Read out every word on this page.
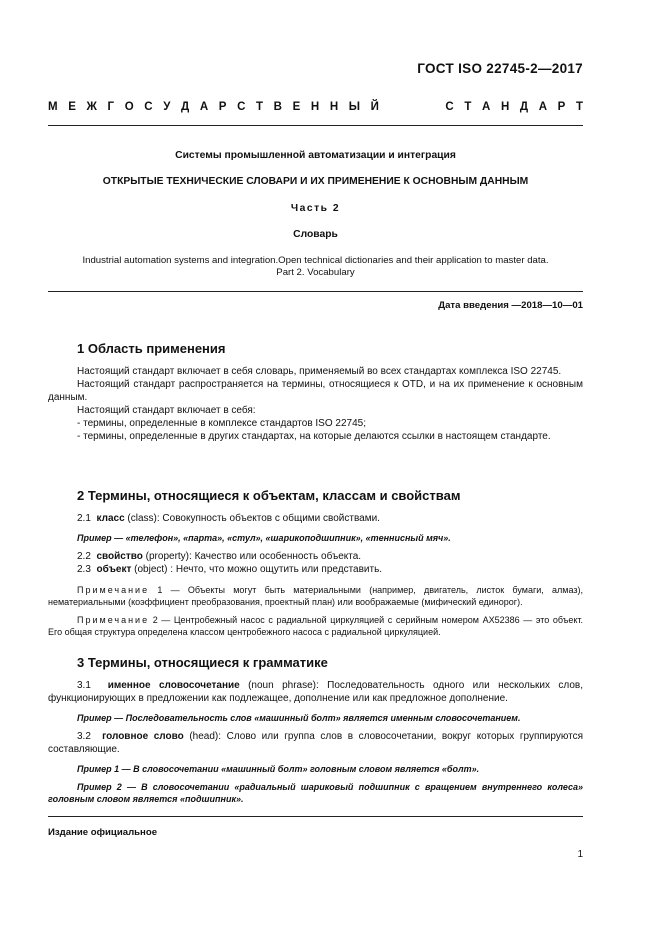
ГОСТ ISO 22745-2—2017
М Е Ж Г О С У Д А Р С Т В Е Н Н Ы Й	С Т А Н Д А Р Т
Системы промышленной автоматизации и интеграция
ОТКРЫТЫЕ ТЕХНИЧЕСКИЕ СЛОВАРИ И ИХ ПРИМЕНЕНИЕ К ОСНОВНЫМ ДАННЫМ
Часть 2
Словарь
Industrial automation systems and integration.Open technical dictionaries and their application to master data.
Part 2. Vocabulary
Дата введения —2018—10—01
1 Область применения
Настоящий стандарт включает в себя словарь, применяемый во всех стандартах комплекса ISO 22745.
Настоящий стандарт распространяется на термины, относящиеся к OTD, и на их применение к основным данным.
Настоящий стандарт включает в себя:
- термины, определенные в комплексе стандартов ISO 22745;
- термины, определенные в других стандартах, на которые делаются ссылки в настоящем стандарте.
2 Термины, относящиеся к объектам, классам и свойствам
2.1 класс (class): Совокупность объектов с общими свойствами.
Пример — «телефон», «парта», «стул», «шарикоподшипник», «теннисный мяч».
2.2 свойство (property): Качество или особенность объекта.
2.3 объект (object) : Нечто, что можно ощутить или представить.
Примечание 1 — Объекты могут быть материальными (например, двигатель, листок бумаги, алмаз), нематериальными (коэффициент преобразования, проектный план) или воображаемые (мифический единорог).
Примечание 2 — Центробежный насос с радиальной циркуляцией с серийным номером АХ52386 — это объект. Его общая структура определена классом центробежного насоса с радиальной циркуляцией.
3 Термины, относящиеся к грамматике
3.1 именное словосочетание (noun phrase): Последовательность одного или нескольких слов, функционирующих в предложении как подлежащее, дополнение или как предложное дополнение.
Пример — Последовательность слов «машинный болт» является именным словосочетанием.
3.2 головное слово (head): Слово или группа слов в словосочетании, вокруг которых группируются составляющие.
Пример 1 — В словосочетании «машинный болт» головным словом является «болт».
Пример 2 — В словосочетании «радиальный шариковый подшипник с вращением внутреннего колеса» головным словом является «подшипник».
Издание официальное
1
